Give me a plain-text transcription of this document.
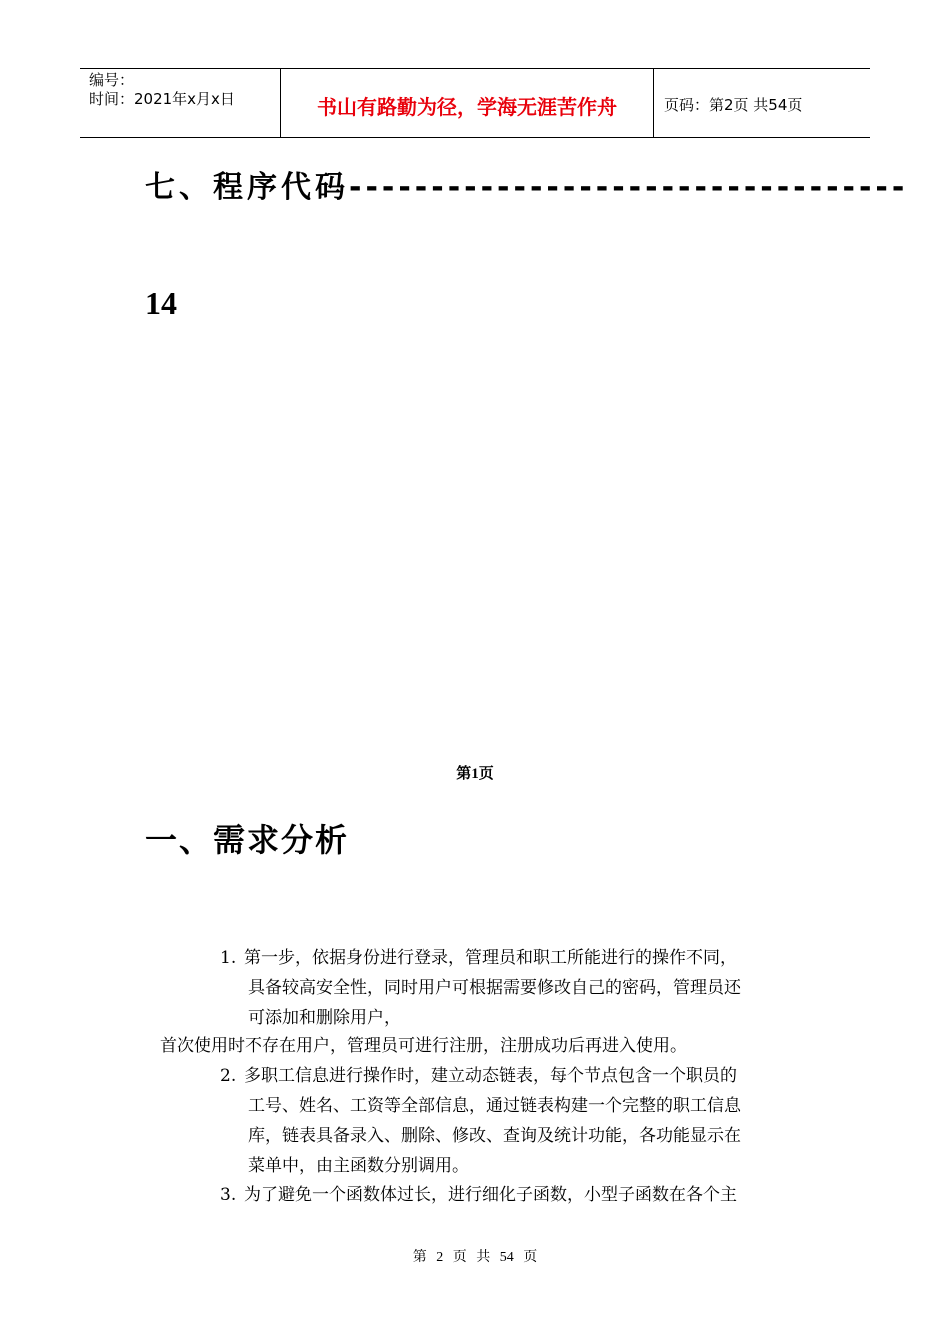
编号：
时间：2021年x月x日	书山有路勤为径，学海无涯苦作舟	页码：第2页 共54页
七、程序代码----------------------------------
14
第1页
一、需求分析
1. 第一步，依据身份进行登录，管理员和职工所能进行的操作不同，
具备较高安全性，同时用户可根据需要修改自己的密码，管理员还
可添加和删除用户，
首次使用时不存在用户，管理员可进行注册，注册成功后再进入使用。
2. 多职工信息进行操作时，建立动态链表，每个节点包含一个职员的
工号、姓名、工资等全部信息，通过链表构建一个完整的职工信息
库，链表具备录入、删除、修改、查询及统计功能，各功能显示在
菜单中，由主函数分别调用。
3. 为了避免一个函数体过长，进行细化子函数，小型子函数在各个主
第 2 页 共 54 页
